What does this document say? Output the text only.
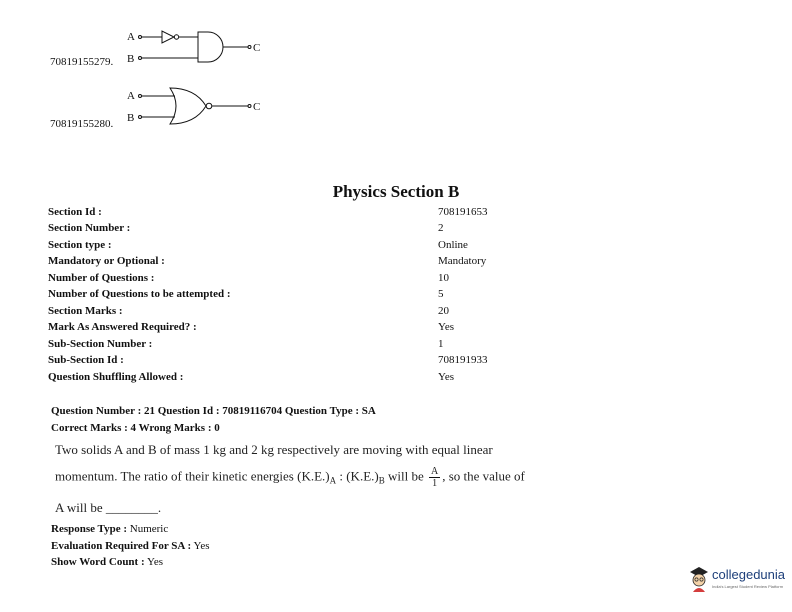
70819155279.
A
B
C
70819155280.
A
B
C
Physics Section B
Section Id :	708191653
Section Number :	2
Section type :	Online
Mandatory or Optional :	Mandatory
Number of Questions :	10
Number of Questions to be attempted :	5
Section Marks :	20
Mark As Answered Required? :	Yes
Sub-Section Number :	1
Sub-Section Id :	708191933
Question Shuffling Allowed :	Yes
Question Number : 21 Question Id : 70819116704 Question Type : SA
Correct Marks : 4 Wrong Marks : 0
Two solids A and B of mass 1 kg and 2 kg respectively are moving with equal linear
momentum. The ratio of their kinetic energies $(K.E.)_A$ : $(K.E.)_B$ will be $\frac{A}{1}$ , so the value of
A will be ________.
Response Type : Numeric
Evaluation Required For SA : Yes
Show Word Count : Yes
collegedunia
India's Largest Student Review Platform
